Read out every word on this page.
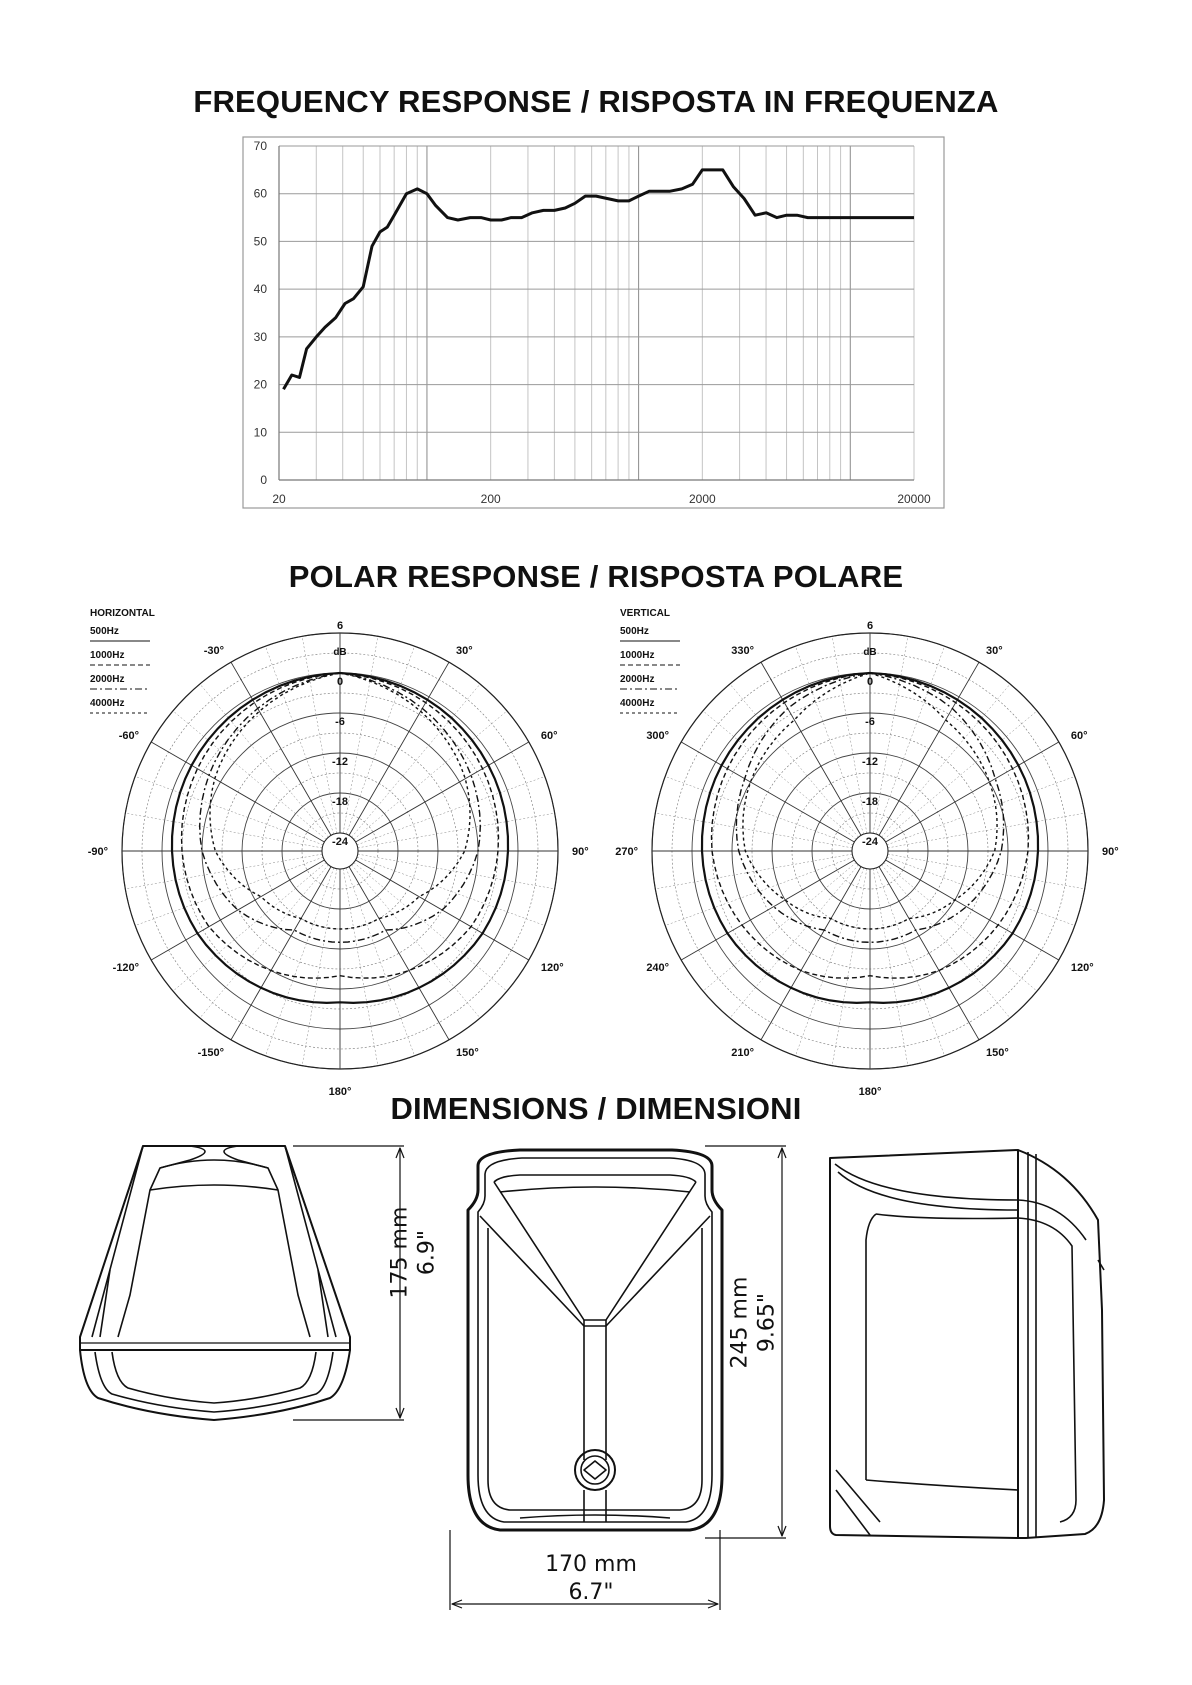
FREQUENCY RESPONSE / RISPOSTA IN FREQUENZA
POLAR RESPONSE / RISPOSTA POLARE
DIMENSIONS / DIMENSIONI
0
10
20
30
40
50
60
70
20	200	2000	20000
6
0
-6
-12
-18
-24
dB
-30°	30°
-60°	60°
-90°	90°
-120°	120°
-150°	150°
180°
HORIZONTAL
500Hz
1000Hz
2000Hz
4000Hz
6
0
-6
-12
-18
-24
dB
330°	30°
300°	60°
270°	90°
240°	120°
210°	150°
180°
VERTICAL
500Hz
1000Hz
2000Hz
4000Hz
175 mm 6.9"
245 mm 9.65"
170 mm
6.7"
